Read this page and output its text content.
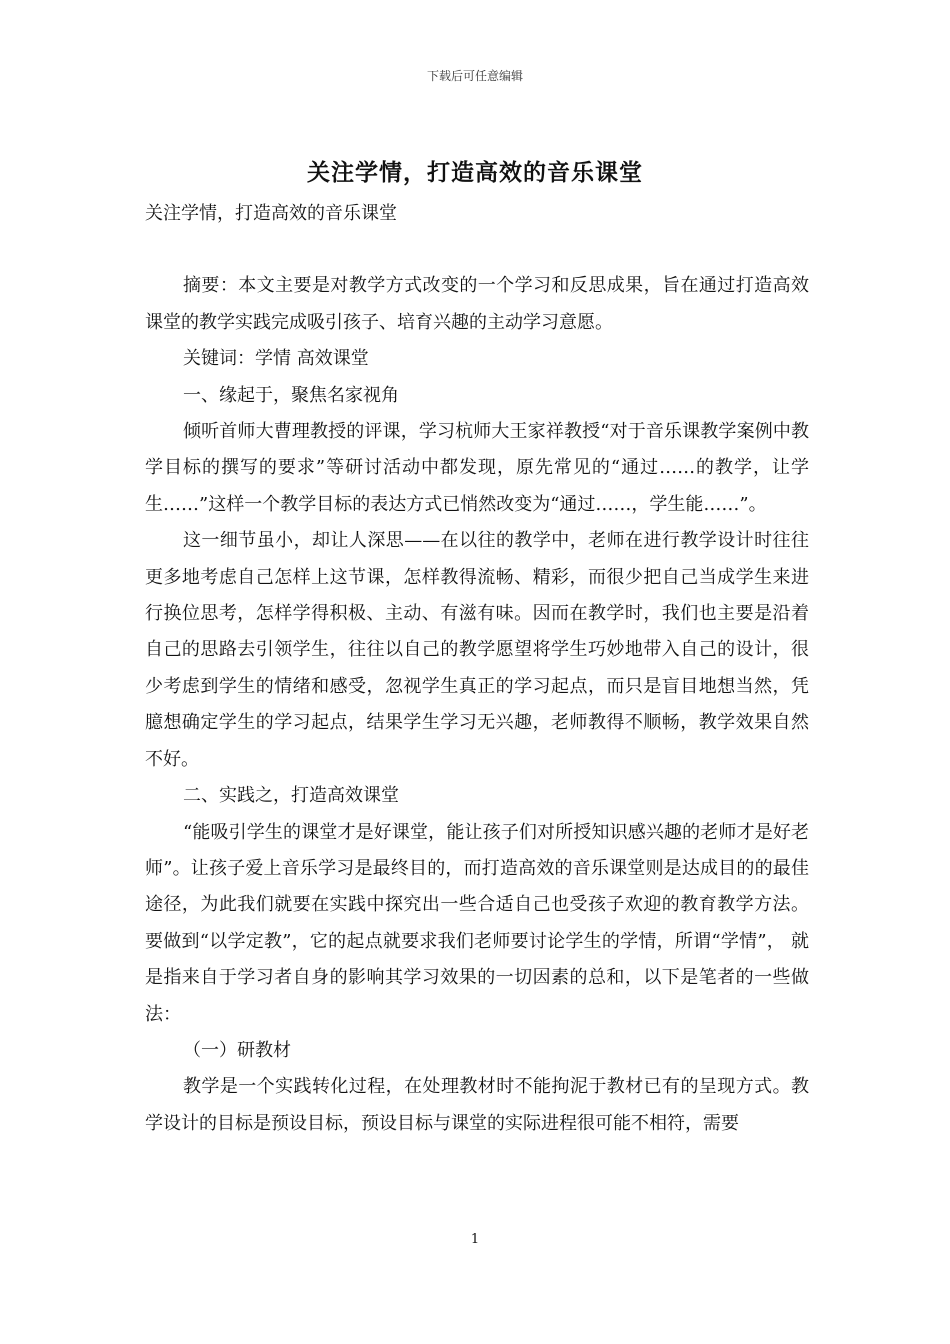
下载后可任意编辑
关注学情，打造高效的音乐课堂

关注学情，打造高效的音乐课堂

摘要：本文主要是对教学方式改变的一个学习和反思成果，旨在通过打造高效课堂的教学实践完成吸引孩子、培育兴趣的主动学习意愿。

关键词：学情 高效课堂

一、缘起于，聚焦名家视角

倾听首师大曹理教授的评课，学习杭师大王家祥教授“对于音乐课教学案例中教学目标的撰写的要求”等研讨活动中都发现，原先常见的“通过……的教学，让学生……”这样一个教学目标的表达方式已悄然改变为“通过……，学生能……”。

这一细节虽小，却让人深思——在以往的教学中，老师在进行教学设计时往往更多地考虑自己怎样上这节课，怎样教得流畅、精彩，而很少把自己当成学生来进行换位思考，怎样学得积极、主动、有滋有味。因而在教学时，我们也主要是沿着自己的思路去引领学生，往往以自己的教学愿望将学生巧妙地带入自己的设计，很少考虑到学生的情绪和感受，忽视学生真正的学习起点，而只是盲目地想当然，凭臆想确定学生的学习起点，结果学生学习无兴趣，老师教得不顺畅，教学效果自然不好。

二、实践之，打造高效课堂

“能吸引学生的课堂才是好课堂，能让孩子们对所授知识感兴趣的老师才是好老师”。让孩子爱上音乐学习是最终目的，而打造高效的音乐课堂则是达成目的的最佳途径，为此我们就要在实践中探究出一些合适自己也受孩子欢迎的教育教学方法。要做到“以学定教”，它的起点就要求我们老师要讨论学生的学情，所谓“学情”， 就是指来自于学习者自身的影响其学习效果的一切因素的总和，以下是笔者的一些做法：

（一）研教材

教学是一个实践转化过程，在处理教材时不能拘泥于教材已有的呈现方式。教学设计的目标是预设目标，预设目标与课堂的实际进程很可能不相符，需要

1
